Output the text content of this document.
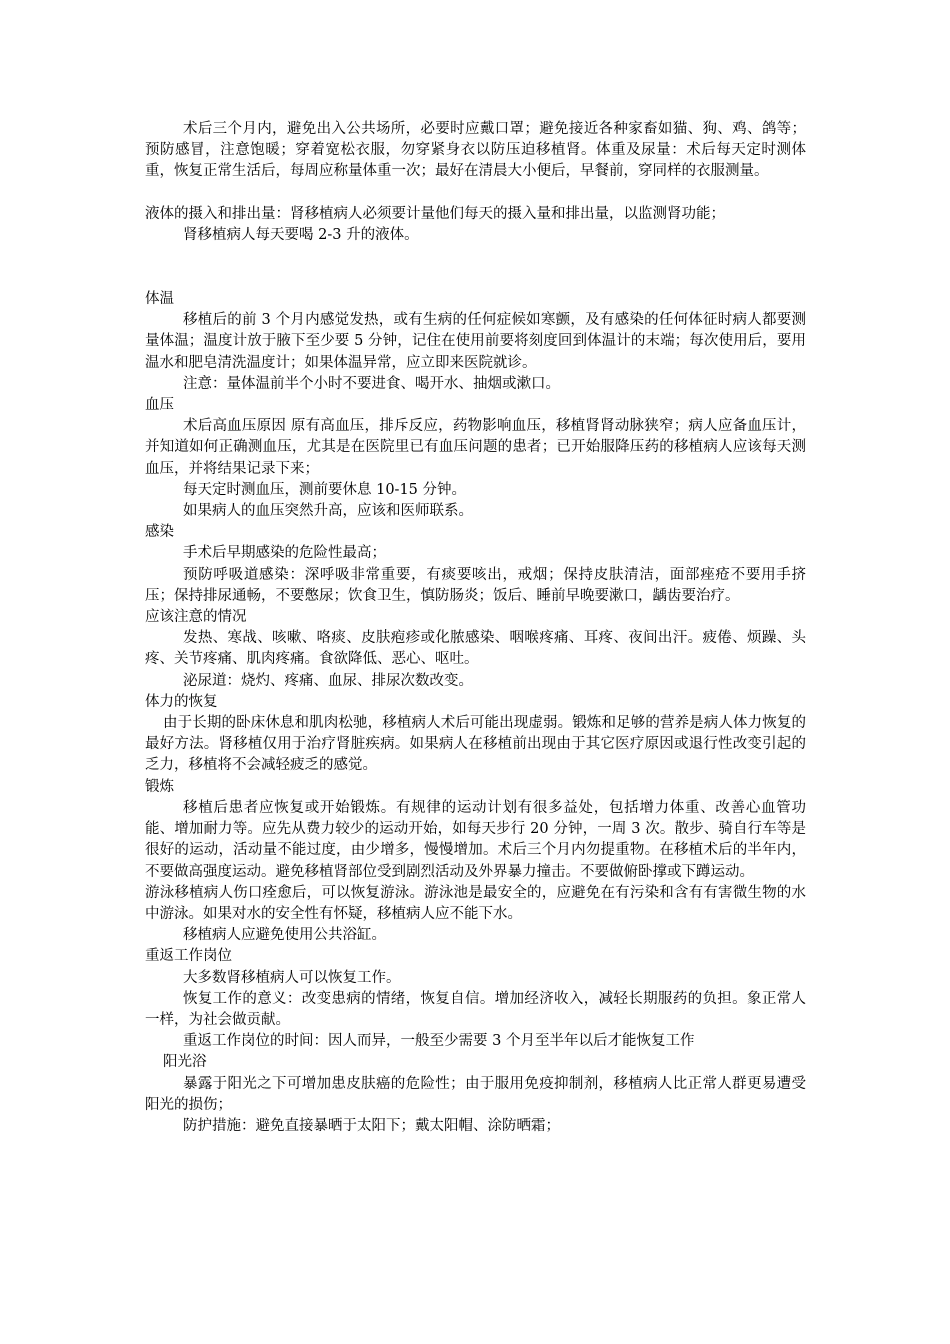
术后三个月内，避免出入公共场所，必要时应戴口罩；避免接近各种家畜如猫、狗、鸡、鸽等；预防感冒，注意饱暖；穿着宽松衣服，勿穿紧身衣以防压迫移植肾。体重及尿量：术后每天定时测体重，恢复正常生活后，每周应称量体重一次；最好在清晨大小便后，早餐前，穿同样的衣服测量。

液体的摄入和排出量：肾移植病人必须要计量他们每天的摄入量和排出量，以监测肾功能；

肾移植病人每天要喝 2-3 升的液体。

体温

移植后的前 3 个月内感觉发热，或有生病的任何症候如寒颤，及有感染的任何体征时病人都要测量体温；温度计放于腋下至少要 5 分钟，记住在使用前要将刻度回到体温计的末端；每次使用后，要用温水和肥皂清洗温度计；如果体温异常，应立即来医院就诊。

注意：量体温前半个小时不要进食、喝开水、抽烟或漱口。

血压

术后高血压原因 原有高血压，排斥反应，药物影响血压，移植肾肾动脉狭窄；病人应备血压计，并知道如何正确测血压，尤其是在医院里已有血压问题的患者；已开始服降压药的移植病人应该每天测血压，并将结果记录下来；

每天定时测血压，测前要休息 10-15 分钟。

如果病人的血压突然升高，应该和医师联系。

感染

手术后早期感染的危险性最高；

预防呼吸道感染：深呼吸非常重要，有痰要咳出，戒烟；保持皮肤清洁，面部痤疮不要用手挤压；保持排尿通畅，不要憋尿；饮食卫生，慎防肠炎；饭后、睡前早晚要漱口，龋齿要治疗。

应该注意的情况

发热、寒战、咳嗽、咯痰、皮肤疱疹或化脓感染、咽喉疼痛、耳疼、夜间出汗。疲倦、烦躁、头疼、关节疼痛、肌肉疼痛。食欲降低、恶心、呕吐。

泌尿道：烧灼、疼痛、血尿、排尿次数改变。

体力的恢复

由于长期的卧床休息和肌肉松驰，移植病人术后可能出现虚弱。锻炼和足够的营养是病人体力恢复的最好方法。肾移植仅用于治疗肾脏疾病。如果病人在移植前出现由于其它医疗原因或退行性改变引起的乏力，移植将不会减轻疲乏的感觉。

锻炼

移植后患者应恢复或开始锻炼。有规律的运动计划有很多益处，包括增力体重、改善心血管功能、增加耐力等。应先从费力较少的运动开始，如每天步行 20 分钟，一周 3 次。散步、骑自行车等是很好的运动，活动量不能过度，由少增多，慢慢增加。术后三个月内勿提重物。在移植术后的半年内，不要做高强度运动。避免移植肾部位受到剧烈活动及外界暴力撞击。不要做俯卧撑或下蹲运动。

游泳移植病人伤口痊愈后，可以恢复游泳。游泳池是最安全的，应避免在有污染和含有有害微生物的水中游泳。如果对水的安全性有怀疑，移植病人应不能下水。

移植病人应避免使用公共浴缸。

重返工作岗位

大多数肾移植病人可以恢复工作。

恢复工作的意义：改变患病的情绪，恢复自信。增加经济收入，减轻长期服药的负担。象正常人一样，为社会做贡献。

重返工作岗位的时间：因人而异，一般至少需要 3 个月至半年以后才能恢复工作

阳光浴

暴露于阳光之下可增加患皮肤癌的危险性；由于服用免疫抑制剂，移植病人比正常人群更易遭受阳光的损伤；

防护措施：避免直接暴晒于太阳下；戴太阳帽、涂防晒霜；
